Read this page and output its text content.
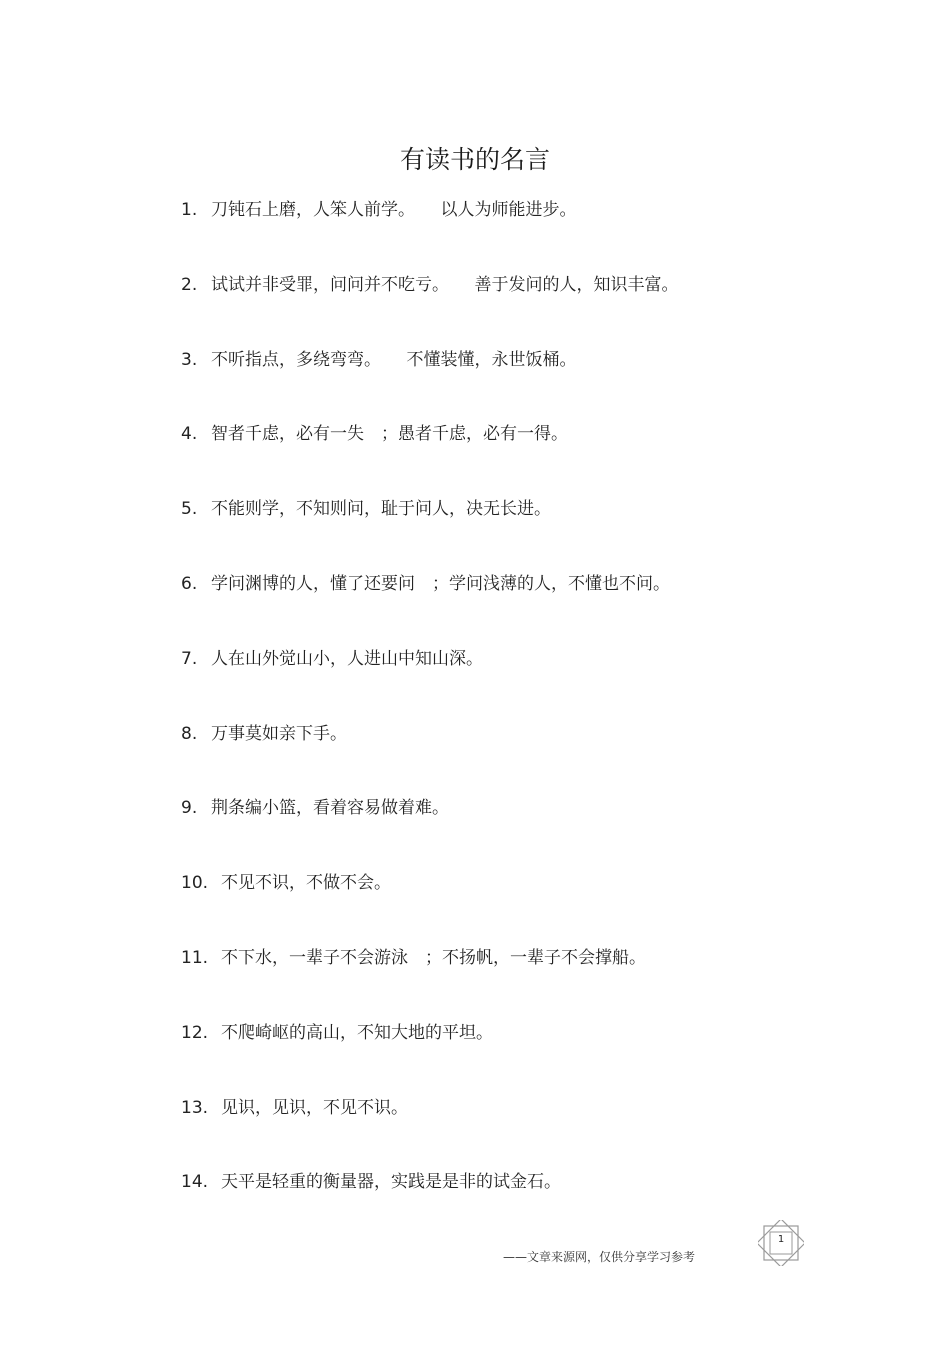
有读书的名言
1. 刀钝石上磨，人笨人前学。　　以人为师能进步。
2. 试试并非受罪，问问并不吃亏。　　善于发问的人，知识丰富。
3. 不听指点，多绕弯弯。　　不懂装懂，永世饭桶。
4. 智者千虑，必有一失　；愚者千虑，必有一得。
5. 不能则学，不知则问，耻于问人，决无长进。
6. 学问渊博的人，懂了还要问　；学问浅薄的人，不懂也不问。
7. 人在山外觉山小，人进山中知山深。
8. 万事莫如亲下手。
9. 荆条编小篮，看着容易做着难。
10. 不见不识，不做不会。
11. 不下水，一辈子不会游泳　；不扬帆，一辈子不会撑船。
12. 不爬崎岖的高山，不知大地的平坦。
13. 见识，见识，不见不识。
14. 天平是轻重的衡量器，实践是是非的试金石。
——文章来源网，仅供分享学习参考
1
